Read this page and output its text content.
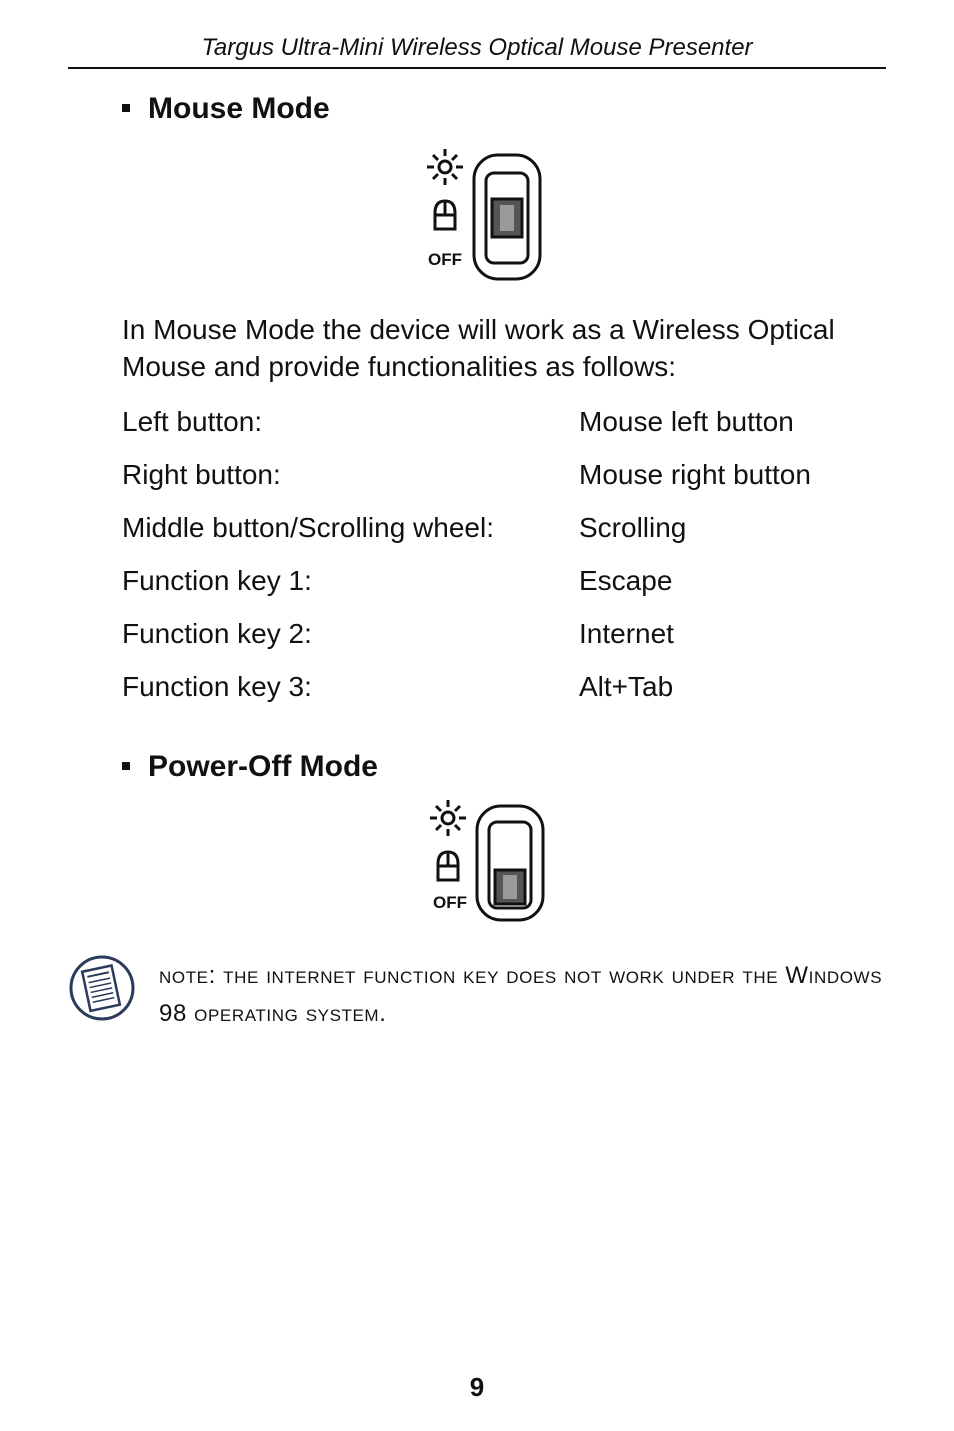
Targus Ultra-Mini Wireless Optical Mouse Presenter
Mouse Mode
OFF
In Mouse Mode the device will work as a Wireless Optical Mouse and provide functionalities as follows:
Left button:	Mouse left button
Right button:	Mouse right button
Middle button/Scrolling wheel:	Scrolling
Function key 1:	Escape
Function key 2:	Internet
Function key 3:	Alt+Tab
Power-Off Mode
OFF
note: the internet function key does not work under the Windows 98 operating system.
9
